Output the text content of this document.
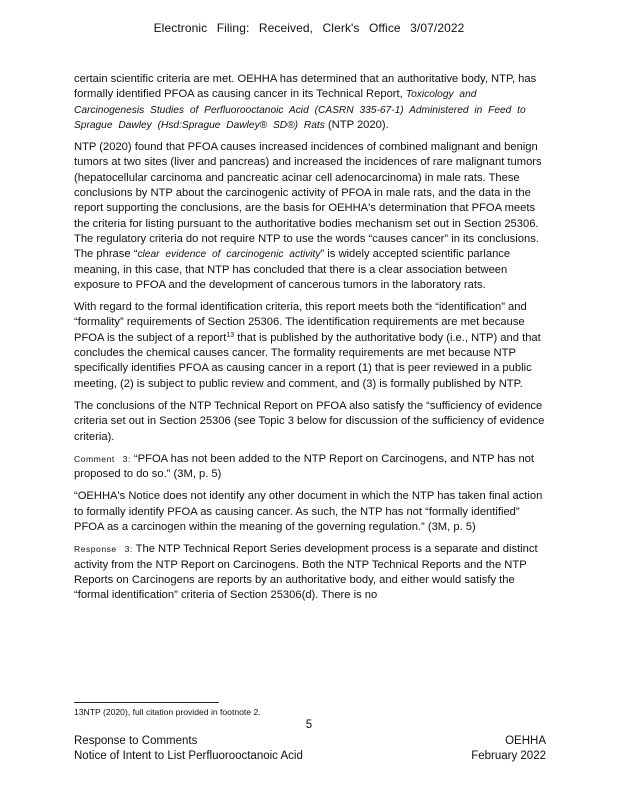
Electronic Filing: Received, Clerk's Office 3/07/2022

certain scientific criteria are met. OEHHA has determined that an authoritative body, NTP, has formally identified PFOA as causing cancer in its Technical Report, Toxicology and Carcinogenesis Studies of Perfluorooctanoic Acid (CASRN 335-67-1) Administered in Feed to Sprague Dawley (Hsd:Sprague Dawley® SD®) Rats (NTP 2020).

NTP (2020) found that PFOA causes increased incidences of combined malignant and benign tumors at two sites (liver and pancreas) and increased the incidences of rare malignant tumors (hepatocellular carcinoma and pancreatic acinar cell adenocarcinoma) in male rats. These conclusions by NTP about the carcinogenic activity of PFOA in male rats, and the data in the report supporting the conclusions, are the basis for OEHHA's determination that PFOA meets the criteria for listing pursuant to the authoritative bodies mechanism set out in Section 25306. The regulatory criteria do not require NTP to use the words “causes cancer” in its conclusions. The phrase “clear evidence of carcinogenic activity” is widely accepted scientific parlance meaning, in this case, that NTP has concluded that there is a clear association between exposure to PFOA and the development of cancerous tumors in the laboratory rats.

With regard to the formal identification criteria, this report meets both the “identification” and “formality” requirements of Section 25306. The identification requirements are met because PFOA is the subject of a report$^{13}$ that is published by the authoritative body (i.e., NTP) and that concludes the chemical causes cancer. The formality requirements are met because NTP specifically identifies PFOA as causing cancer in a report (1) that is peer reviewed in a public meeting, (2) is subject to public review and comment, and (3) is formally published by NTP.

The conclusions of the NTP Technical Report on PFOA also satisfy the “sufficiency of evidence criteria set out in Section 25306 (see Topic 3 below for discussion of the sufficiency of evidence criteria).

Comment 3: “PFOA has not been added to the NTP Report on Carcinogens, and NTP has not proposed to do so.” (3M, p. 5)

“OEHHA's Notice does not identify any other document in which the NTP has taken final action to formally identify PFOA as causing cancer. As such, the NTP has not “formally identified” PFOA as a carcinogen within the meaning of the governing regulation.” (3M, p. 5)

Response 3: The NTP Technical Report Series development process is a separate and distinct activity from the NTP Report on Carcinogens. Both the NTP Technical Reports and the NTP Reports on Carcinogens are reports by an authoritative body, and either would satisfy the “formal identification” criteria of Section 25306(d). There is no

13NTP (2020), full citation provided in footnote 2.
5
Response to Comments
Notice of Intent to List Perfluorooctanoic Acid
OEHHA
February 2022
